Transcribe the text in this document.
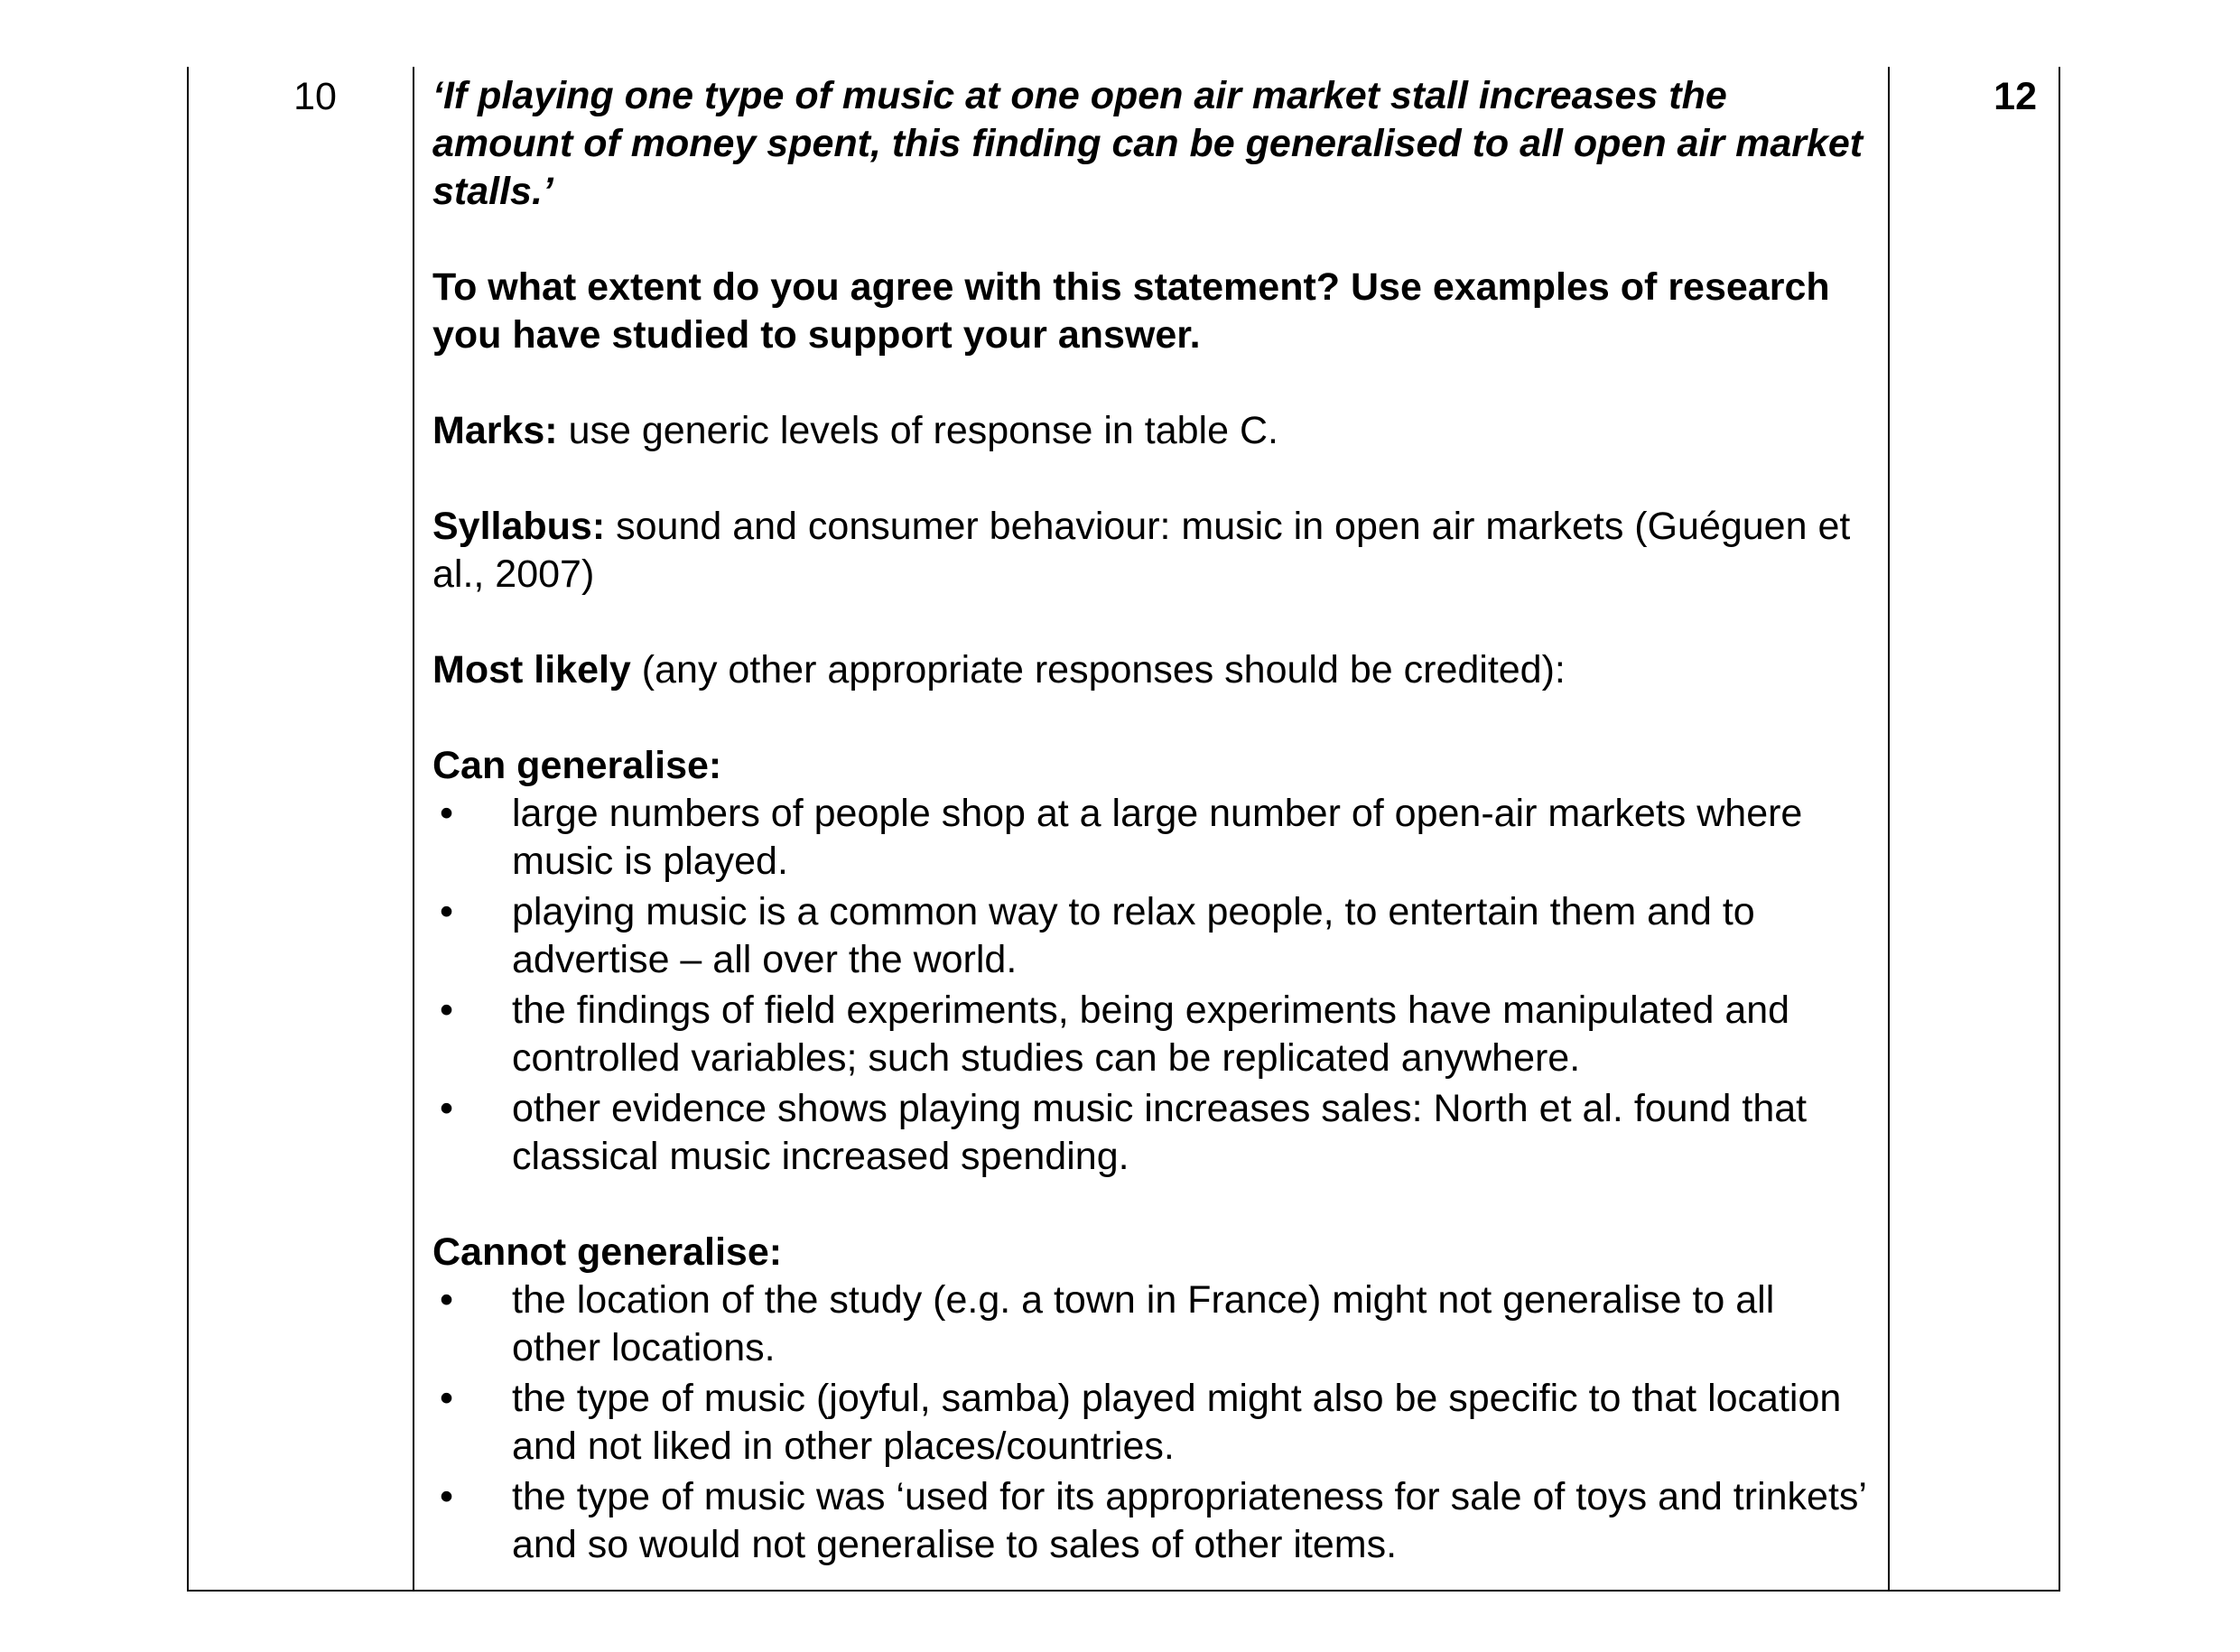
10	‘If playing one type of music at one open air market stall increases the amount of money spent, this finding can be generalised to all open air market stalls.’

To what extent do you agree with this statement? Use examples of research you have studied to support your answer.

Marks: use generic levels of response in table C.

Syllabus: sound and consumer behaviour: music in open air markets (Guéguen et al., 2007)

Most likely (any other appropriate responses should be credited):

Can generalise:

• large numbers of people shop at a large number of open-air markets where music is played.
• playing music is a common way to relax people, to entertain them and to advertise – all over the world.
• the findings of field experiments, being experiments have manipulated and controlled variables; such studies can be replicated anywhere.
• other evidence shows playing music increases sales: North et al. found that classical music increased spending.

Cannot generalise:

• the location of the study (e.g. a town in France) might not generalise to all other locations.
• the type of music (joyful, samba) played might also be specific to that location and not liked in other places/countries.
• the type of music was ‘used for its appropriateness for sale of toys and trinkets’ and so would not generalise to sales of other items.
12
